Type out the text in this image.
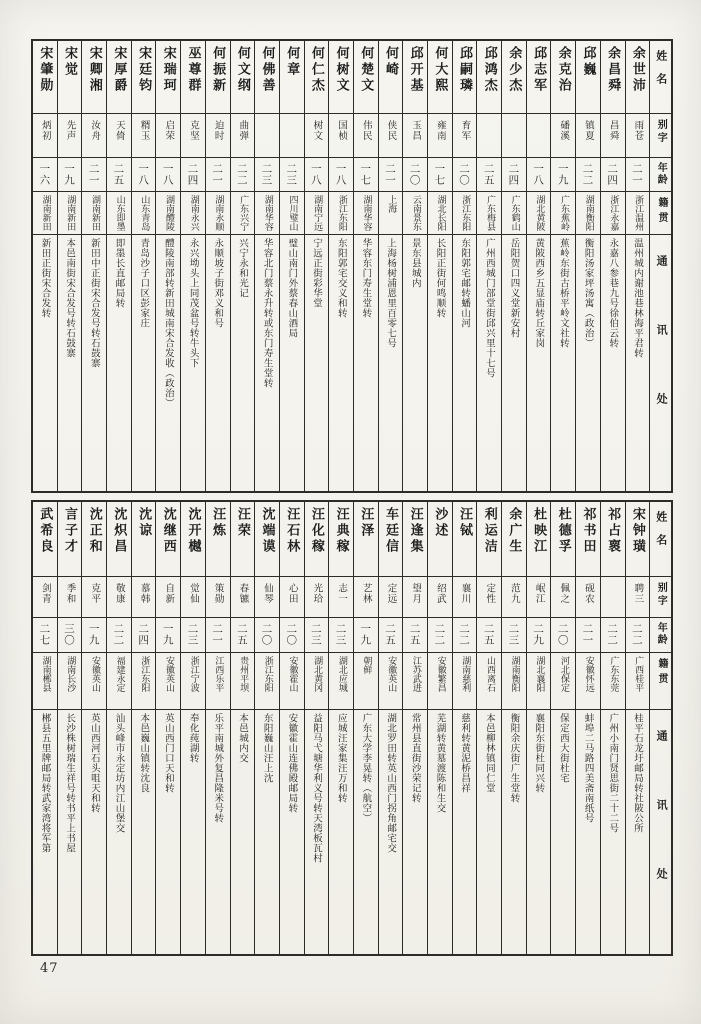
宋肇勋
炳初
一六
湖南新田
新田正街宋合发转
宋觉
先声
一九
湖南新田
本邑南街宋合发号转石鼓寨
宋卿湘
汝舟
二一
湖南新田
新田中正街宋合发号转石鼓寨
宋厚爵
天倚
二五
山东即墨
即墨长直邮局转
宋廷钧
糈玉
一八
山东青岛
青岛沙子口区彭家庄
宋瑞珂
启荣
一八
湖南醴陵
醴陵南部转新田城南宋合发收（政治）
巫尊群
克坚
二四
湖南永兴
永兴坳头上同茂盆号转牛头下
何振新
迫时
二一
湖南永顺
永顺坡子街邓义和号
何文纲
曲弹
二二
广东兴宁
兴宁永和光记
何佛善
二三
湖南华容
华容北门蔡永升转或东门寿生堂转
何章
二三
四川璧山
璧山南门外蔡春山酒局
何仁杰
树文
一八
湖南宁远
宁远正街彩华堂
何树文
国桢
一八
浙江东阳
东阳郭宅交义和转
何楚文
伟民
一七
湖南华容
华容东门寿生堂转
何崎
侠民
二一
上海
上海杨树浦恩里百零七号
邱开基
玉昌
二〇
云南景东
景东县城内
何大熙
雍南
一七
湖北长阳
长阳正街何鸣顺转
邱嗣璘
育军
二〇
浙江东阳
东阳郭宅邮转蟠山河
邱鸿杰
二五
广东梅县
广州西城门部堂街邱兴里十七号
余少杰
二四
广东鹤山
岳阳贺口四义堂新安村
邱志军
一八
湖北黄陂
黄陂西乡五显庙转丘家岗
余克治
磻溪
一九
广东蕉岭
蕉岭东街古桥平岭文社转
邱巍
镇夏
二二
湖南衡阳
衡阳汤家坪汤寓（政治）
余昌舜
昌舜
二四
浙江永嘉
永嘉八参巷九号徐伯云转
余世沛
雨苍
二一
浙江温州
温州城内谢池巷林海平君转
姓名
别字
年龄
籍贯
通讯处
武希良
剑青
二七
湖南郴县
郴县五里牌邮局转武家湾将军第
言子才
季和
三〇
湖南长沙
长沙株树瑞生祥号转书平上书屋
沈正和
克平
一九
安徽英山
英山西河石头咀天和转
沈炽昌
敬康
二二
福建永定
汕头峰市永定坊内江山堡交
沈谅
慕韩
二四
浙江东阳
本邑巍山镇转沈良
沈继西
自新
一九
安徽英山
英山西门口天和转
沈开樾
觉仙
二三
浙江宁波
奉化莼湖转
汪炼
策勋
二一
江西乐平
乐平南城外复昌隆米号转
汪荣
春镳
二五
贵州平坝
本邑城内交
沈端谟
仙琴
二〇
浙江东阳
东阳巍山汪上沈
汪石林
心田
二〇
安徽霍山
安徽霍山连佛殿邮局转
汪化稼
光珨
二三
湖北黄冈
益阳马弋塘华利义号转天湾板瓦村
汪典稼
志一
二三
湖北应城
应城汪家集汪万和转
汪泽
艺林
一九
朝鲜
广东大学李晃转（航空）
车廷信
定远
二五
安徽英山
湖北罗田转英山西门拐角邮宅交
汪逢集
望月
二五
江苏武进
常州县直街沙荣记转
沙述
绍武
二二
安徽繁昌
芜湖转黄墓渡陈和生交
汪铽
襄川
二二
湖南慈利
慈利转黄泥桥昌祥
利运洁
定性
二五
山西离石
本邑柳林镇同仁堂
余广生
范九
二三
湖南衡阳
衡阳余庆街广生堂转
杜映江
岷江
二九
湖北襄阳
襄阳东街杜同兴转
杜德孚
佩之
二〇
河北保定
保定西大街杜宅
祁书田
砚农
二一
安徽怀远
蚌埠二马路四美斋南纸号
祁占褱
二二
广东东莞
广州小南门贤思街二十二号
宋钟璜
聘三
二二
广西桂平
桂平石龙圩邮局转社陂公所
姓名
别字
年龄
籍贯
通讯处
47
